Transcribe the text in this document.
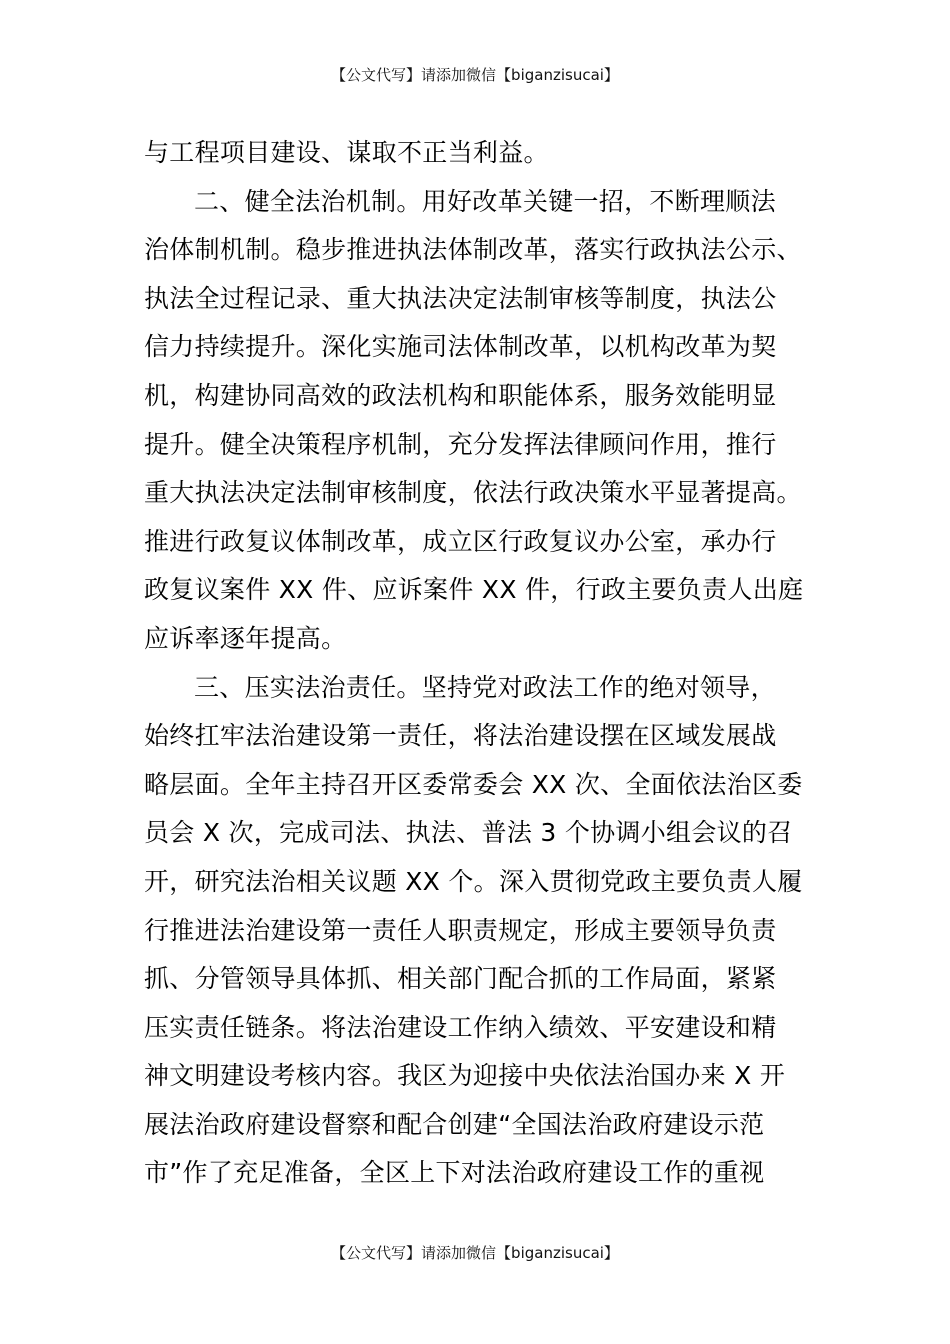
【公文代写】请添加微信【biganzisucai】
与工程项目建设、谋取不正当利益。
二、健全法治机制。用好改革关键一招，不断理顺法
治体制机制。稳步推进执法体制改革，落实行政执法公示、
执法全过程记录、重大执法决定法制审核等制度，执法公
信力持续提升。深化实施司法体制改革，以机构改革为契
机，构建协同高效的政法机构和职能体系，服务效能明显
提升。健全决策程序机制，充分发挥法律顾问作用，推行
重大执法决定法制审核制度，依法行政决策水平显著提高。
推进行政复议体制改革，成立区行政复议办公室，承办行
政复议案件 XX 件、应诉案件 XX 件，行政主要负责人出庭
应诉率逐年提高。
三、压实法治责任。坚持党对政法工作的绝对领导，
始终扛牢法治建设第一责任，将法治建设摆在区域发展战
略层面。全年主持召开区委常委会 XX 次、全面依法治区委
员会 X 次，完成司法、执法、普法 3 个协调小组会议的召
开，研究法治相关议题 XX 个。深入贯彻党政主要负责人履
行推进法治建设第一责任人职责规定，形成主要领导负责
抓、分管领导具体抓、相关部门配合抓的工作局面，紧紧
压实责任链条。将法治建设工作纳入绩效、平安建设和精
神文明建设考核内容。我区为迎接中央依法治国办来 X 开
展法治政府建设督察和配合创建“全国法治政府建设示范
市”作了充足准备，全区上下对法治政府建设工作的重视
【公文代写】请添加微信【biganzisucai】
